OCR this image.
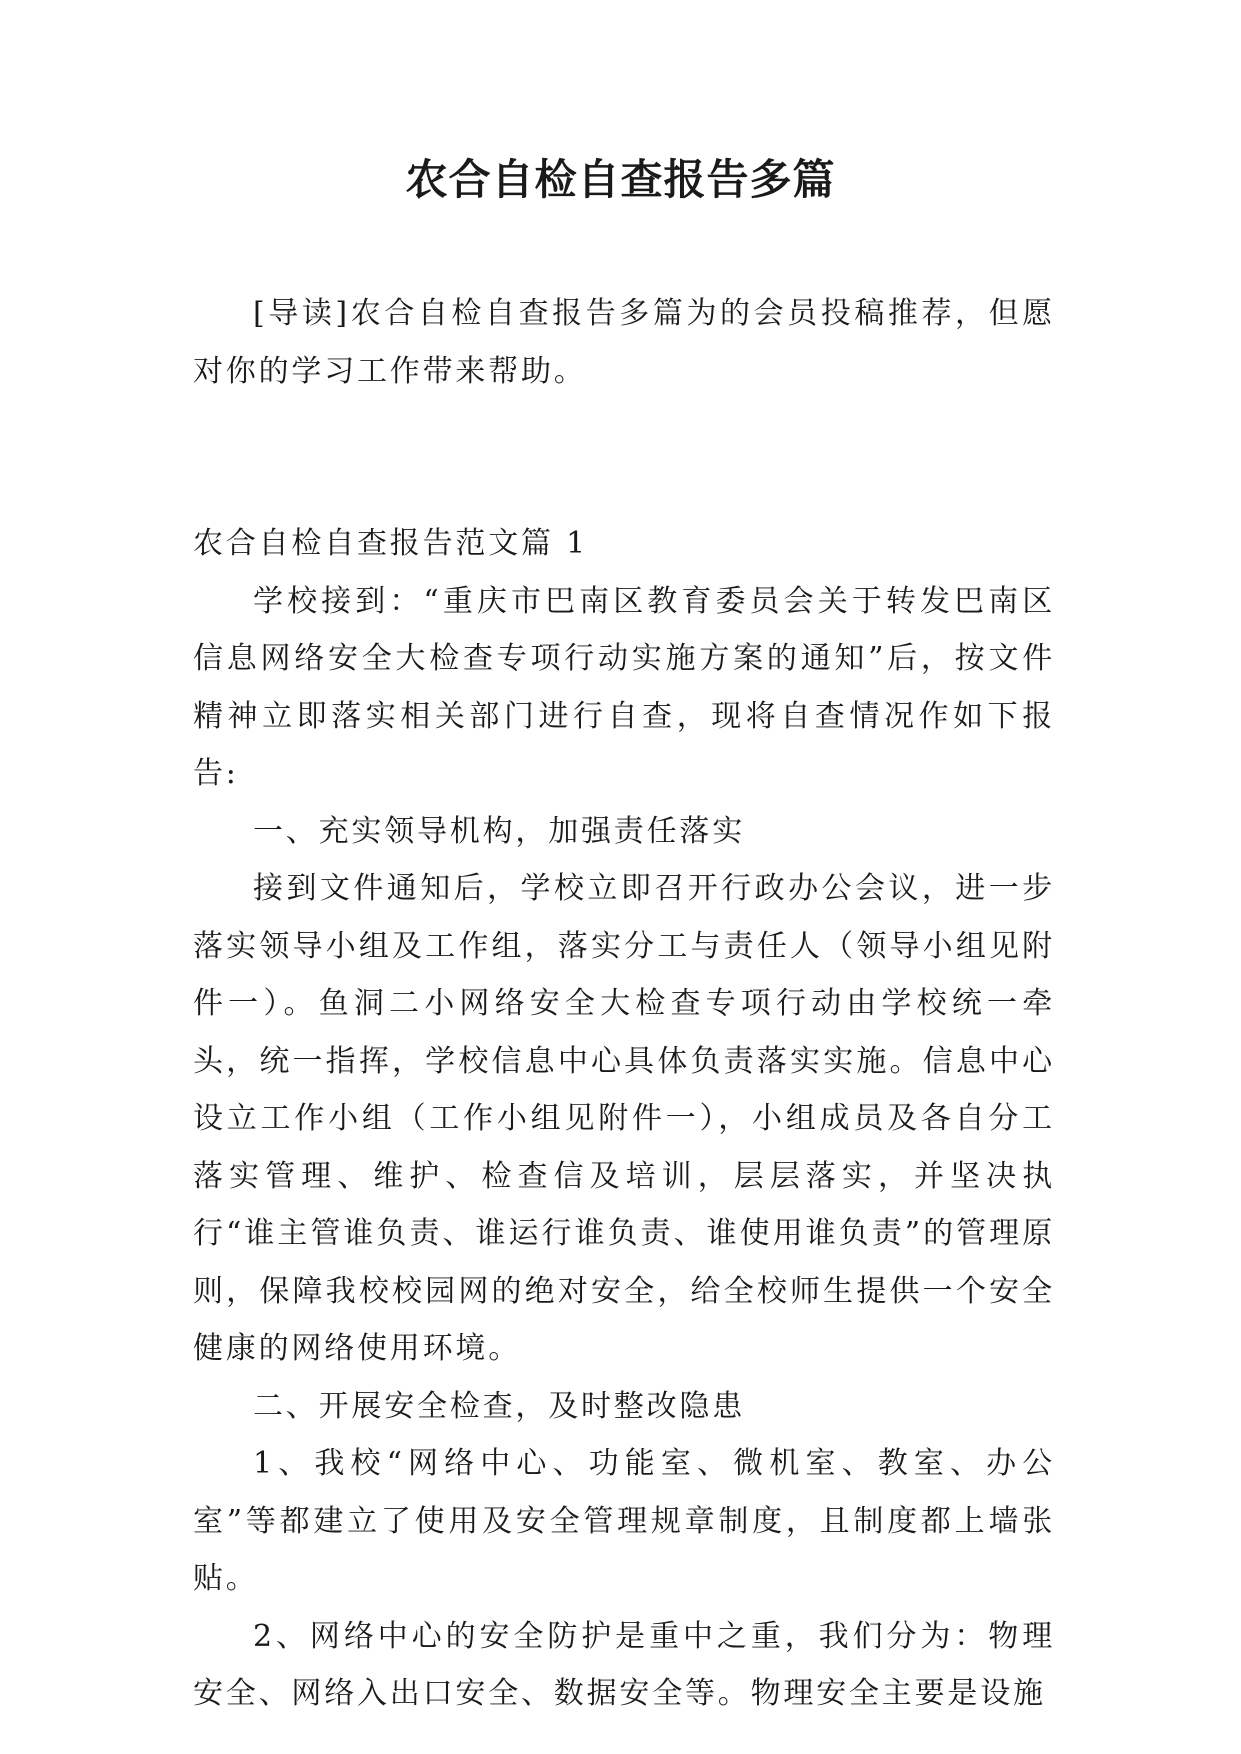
农合自检自查报告多篇

[导读]农合自检自查报告多篇为的会员投稿推荐，但愿对你的学习工作带来帮助。

农合自检自查报告范文篇 1

学校接到：“重庆市巴南区教育委员会关于转发巴南区信息网络安全大检查专项行动实施方案的通知”后，按文件精神立即落实相关部门进行自查，现将自查情况作如下报告:

一、充实领导机构，加强责任落实

接到文件通知后，学校立即召开行政办公会议，进一步落实领导小组及工作组，落实分工与责任人（领导小组见附件一）。鱼洞二小网络安全大检查专项行动由学校统一牵头，统一指挥，学校信息中心具体负责落实实施。信息中心设立工作小组（工作小组见附件一），小组成员及各自分工落实管理、维护、检查信及培训，层层落实，并坚决执行“谁主管谁负责、谁运行谁负责、谁使用谁负责”的管理原则，保障我校校园网的绝对安全，给全校师生提供一个安全健康的网络使用环境。

二、开展安全检查，及时整改隐患

1、我校“网络中心、功能室、微机室、教室、办公室”等都建立了使用及安全管理规章制度，且制度都上墙张贴。

2、网络中心的安全防护是重中之重，我们分为：物理安全、网络入出口安全、数据安全等。物理安全主要是设施
